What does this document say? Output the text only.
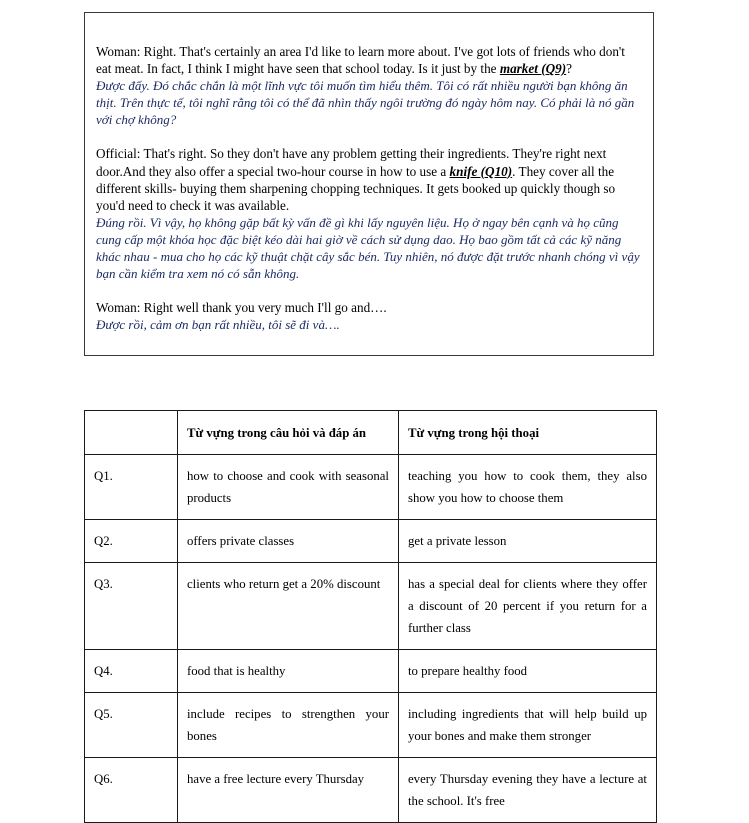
Woman: Right. That's certainly an area I'd like to learn more about. I've got lots of friends who don't eat meat. In fact, I think I might have seen that school today. Is it just by the market (Q9)?

Được đấy. Đó chắc chắn là một lĩnh vực tôi muốn tìm hiểu thêm. Tôi có rất nhiều người bạn không ăn thịt. Trên thực tế, tôi nghĩ rằng tôi có thể đã nhìn thấy ngôi trường đó ngày hôm nay. Có phải là nó gần với chợ không?

Official: That's right. So they don't have any problem getting their ingredients. They're right next door.And they also offer a special two-hour course in how to use a knife (Q10). They cover all the different skills- buying them sharpening chopping techniques. It gets booked up quickly though so you'd need to check it was available.

Đúng rồi. Vì vậy, họ không gặp bất kỳ vấn đề gì khi lấy nguyên liệu. Họ ở ngay bên cạnh và họ cũng cung cấp một khóa học đặc biệt kéo dài hai giờ về cách sử dụng dao. Họ bao gồm tất cả các kỹ năng khác nhau - mua cho họ các kỹ thuật chặt cây sắc bén. Tuy nhiên, nó được đặt trước nhanh chóng vì vậy bạn cần kiểm tra xem nó có sẵn không.

Woman: Right well thank you very much I'll go and….

Được rồi, cảm ơn bạn rất nhiều, tôi sẽ đi và….

	Từ vựng trong câu hỏi và đáp án	Từ vựng trong hội thoại
Q1.	how to choose and cook with seasonal products	teaching you how to cook them, they also show you how to choose them
Q2.	offers private classes	get a private lesson
Q3.	clients who return get a 20% discount	has a special deal for clients where they offer a discount of 20 percent if you return for a further class
Q4.	food that is healthy	to prepare healthy food
Q5.	include recipes to strengthen your bones	including ingredients that will help build up your bones and make them stronger
Q6.	have a free lecture every Thursday	every Thursday evening they have a lecture at the school. It's free
